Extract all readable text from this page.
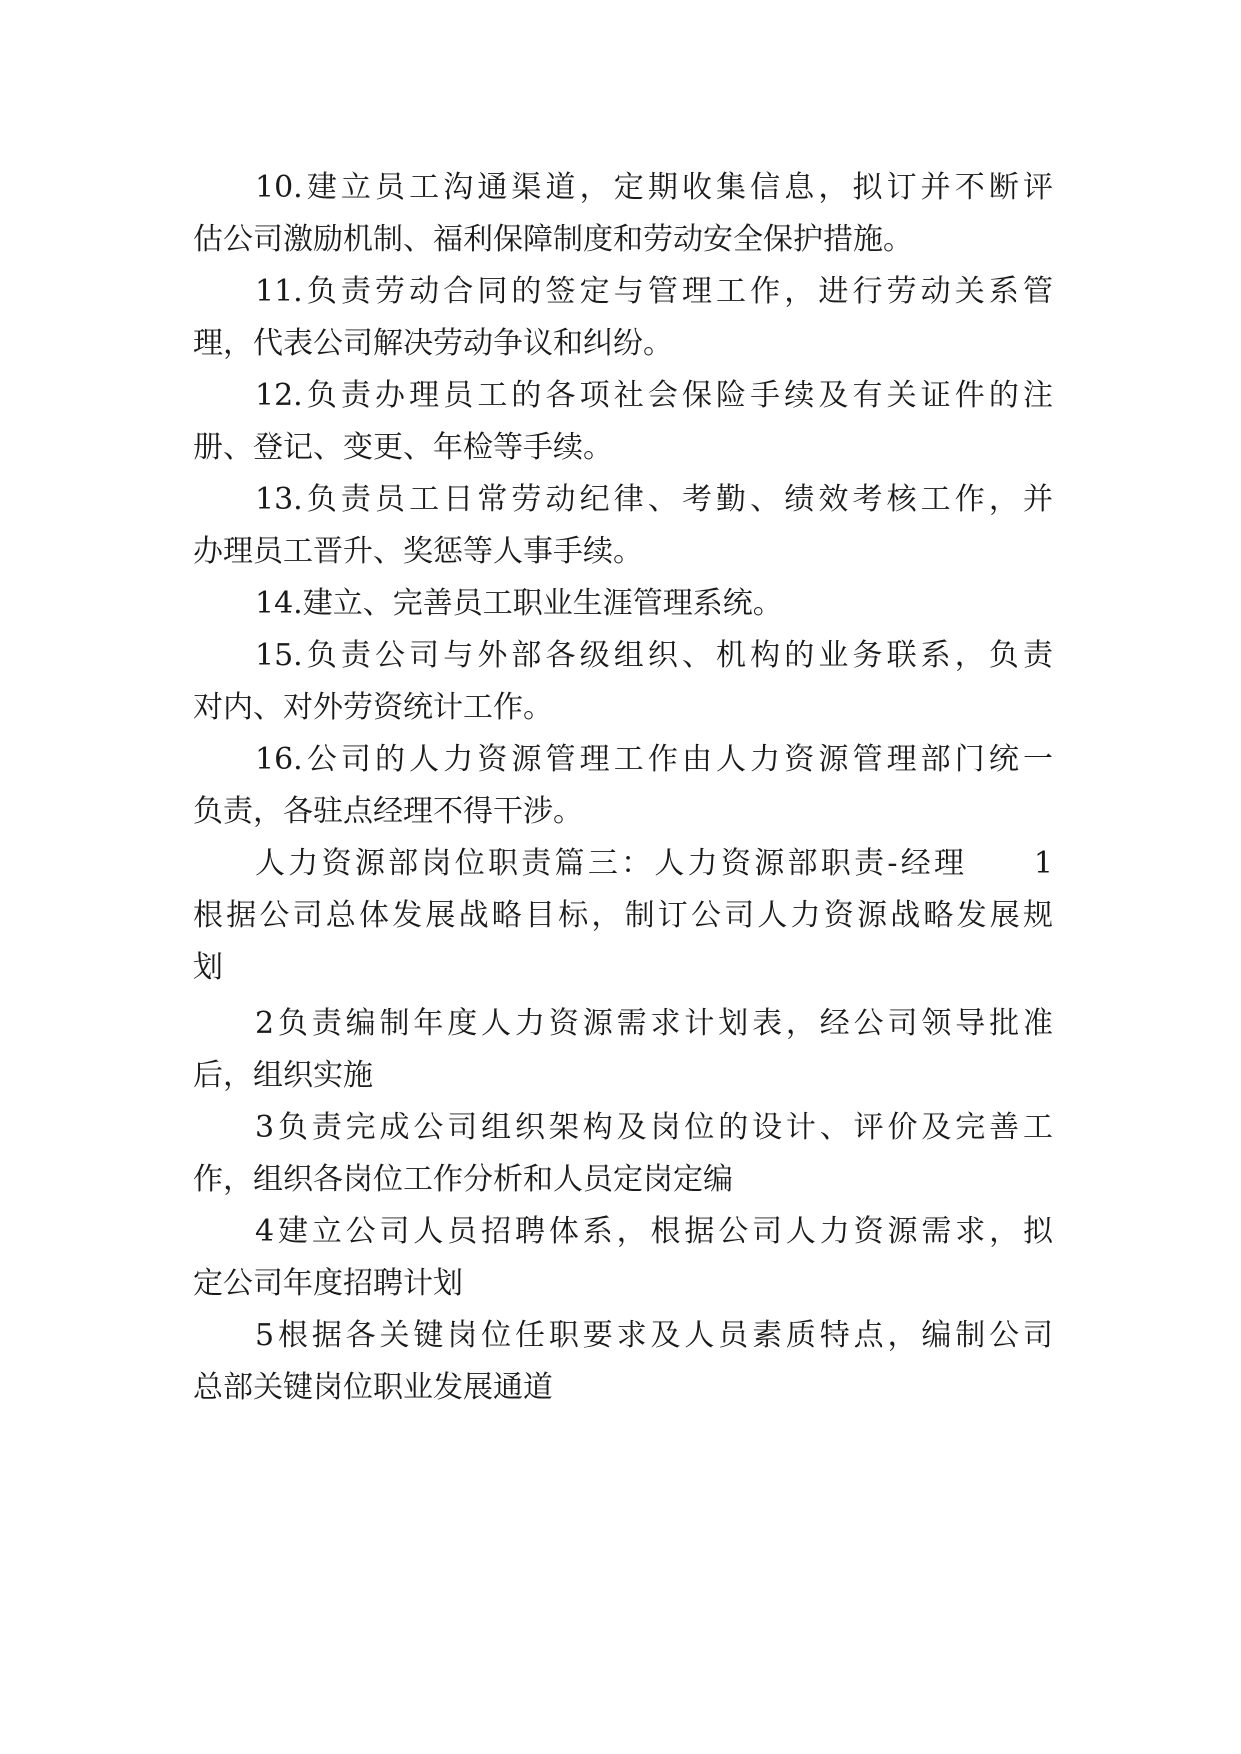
10.建立员工沟通渠道，定期收集信息，拟订并不断评
估公司激励机制、福利保障制度和劳动安全保护措施。
11.负责劳动合同的签定与管理工作，进行劳动关系管
理，代表公司解决劳动争议和纠纷。
12.负责办理员工的各项社会保险手续及有关证件的注
册、登记、变更、年检等手续。
13.负责员工日常劳动纪律、考勤、绩效考核工作，并
办理员工晋升、奖惩等人事手续。
14.建立、完善员工职业生涯管理系统。
15.负责公司与外部各级组织、机构的业务联系，负责
对内、对外劳资统计工作。
16.公司的人力资源管理工作由人力资源管理部门统一
负责，各驻点经理不得干涉。
人力资源部岗位职责篇三：人力资源部职责-经理　　1
根据公司总体发展战略目标，制订公司人力资源战略发展规
划
2负责编制年度人力资源需求计划表，经公司领导批准
后，组织实施
3负责完成公司组织架构及岗位的设计、评价及完善工
作，组织各岗位工作分析和人员定岗定编
4建立公司人员招聘体系，根据公司人力资源需求，拟
定公司年度招聘计划
5根据各关键岗位任职要求及人员素质特点，编制公司
总部关键岗位职业发展通道
